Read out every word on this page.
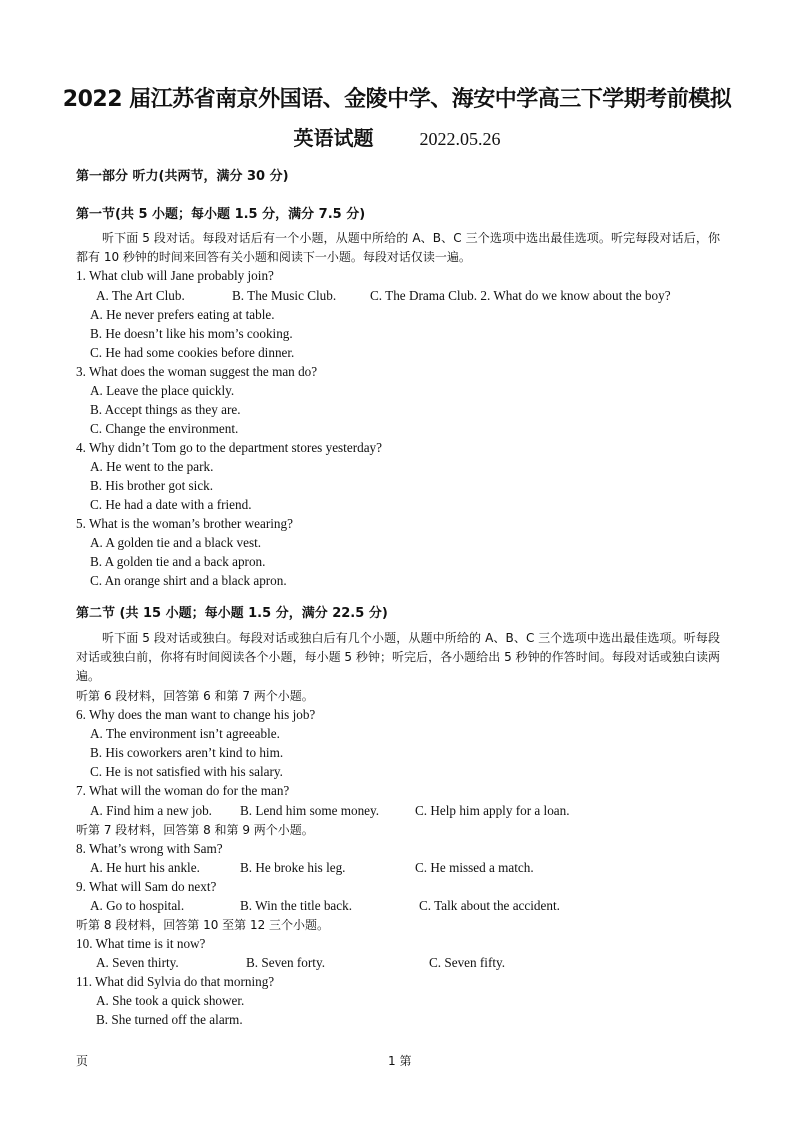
2022 届江苏省南京外国语、金陵中学、海安中学高三下学期考前模拟
英语试题	2022.05.26
第一部分 听力(共两节，满分 30 分)
第一节(共 5 小题；每小题 1.5 分，满分 7.5 分)
听下面 5 段对话。每段对话后有一个小题，从题中所给的 A、B、C 三个选项中选出最佳选项。听完每段对话后，你都有 10 秒钟的时间来回答有关小题和阅读下一小题。每段对话仅读一遍。
1. What club will Jane probably join?
A. The Art Club.	B. The Music Club.	C. The Drama Club. 2. What do we know about the boy?
A. He never prefers eating at table.
B. He doesn’t like his mom’s cooking.
C. He had some cookies before dinner.
3. What does the woman suggest the man do?
A. Leave the place quickly.
B. Accept things as they are.
C. Change the environment.
4. Why didn’t Tom go to the department stores yesterday?
A. He went to the park.
B. His brother got sick.
C. He had a date with a friend.
5. What is the woman’s brother wearing?
A. A golden tie and a black vest.
B. A golden tie and a back apron.
C. An orange shirt and a black apron.
第二节 (共 15 小题；每小题 1.5 分，满分 22.5 分)
听下面 5 段对话或独白。每段对话或独白后有几个小题，从题中所给的 A、B、C 三个选项中选出最佳选项。听每段对话或独白前，你将有时间阅读各个小题，每小题 5 秒钟；听完后，各小题给出 5 秒钟的作答时间。每段对话或独白读两遍。
听第 6 段材料，回答第 6 和第 7 两个小题。
6. Why does the man want to change his job?
A. The environment isn’t agreeable.
B. His coworkers aren’t kind to him.
C. He is not satisfied with his salary.
7. What will the woman do for the man?
A. Find him a new job. B. Lend him some money.	C. Help him apply for a loan.
听第 7 段材料，回答第 8 和第 9 两个小题。
8. What’s wrong with Sam?
A. He hurt his ankle.	B. He broke his leg.	C. He missed a match.
9. What will Sam do next?
A. Go to hospital.	B. Win the title back.	C. Talk about the accident.
听第 8 段材料，回答第 10 至第 12 三个小题。
10. What time is it now?
A. Seven thirty.	B. Seven forty.	C. Seven fifty.
11. What did Sylvia do that morning?
A. She took a quick shower.
B. She turned off the alarm.
页	1 第
